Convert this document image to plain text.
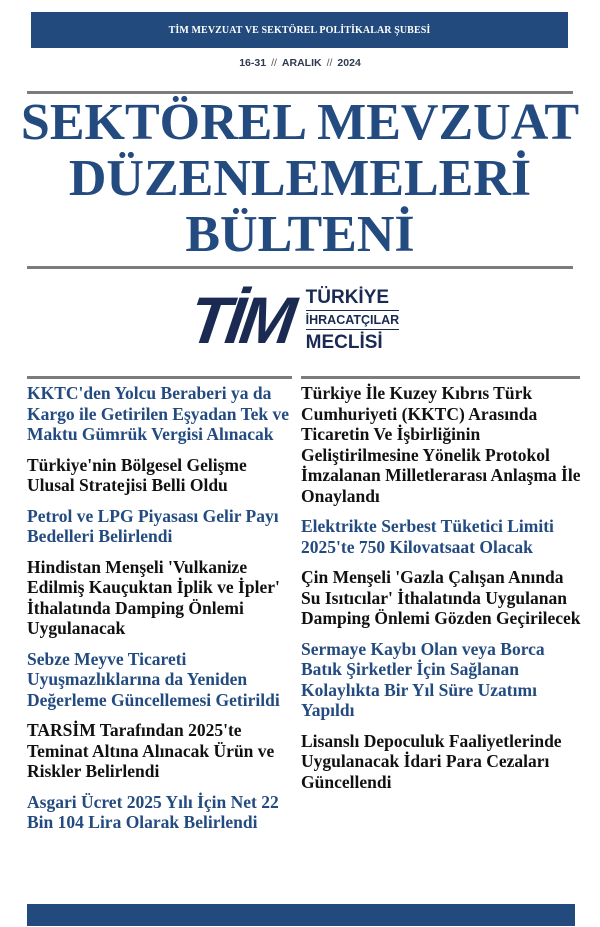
TİM MEVZUAT VE SEKTÖREL POLİTİKALAR ŞUBESİ
16-31 // ARALIK // 2024
SEKTÖREL MEVZUAT
DÜZENLEMELERİ
BÜLTENİ
TİM TÜRKİYE
İHRACATÇILAR
MECLİSİ

KKTC'den Yolcu Beraberi ya da Kargo ile Getirilen Eşyadan Tek ve Maktu Gümrük Vergisi Alınacak

Türkiye'nin Bölgesel Gelişme Ulusal Stratejisi Belli Oldu

Petrol ve LPG Piyasası Gelir Payı Bedelleri Belirlendi

Hindistan Menşeli 'Vulkanize Edilmiş Kauçuktan İplik ve İpler' İthalatında Damping Önlemi Uygulanacak

Sebze Meyve Ticareti Uyuşmazlıklarına da Yeniden Değerleme Güncellemesi Getirildi

TARSİM Tarafından 2025'te Teminat Altına Alınacak Ürün ve Riskler Belirlendi

Asgari Ücret 2025 Yılı İçin Net 22 Bin 104 Lira Olarak Belirlendi

Türkiye İle Kuzey Kıbrıs Türk Cumhuriyeti (KKTC) Arasında Ticaretin Ve İşbirliğinin Geliştirilmesine Yönelik Protokol İmzalanan Milletlerarası Anlaşma İle Onaylandı

Elektrikte Serbest Tüketici Limiti 2025'te 750 Kilovatsaat Olacak

Çin Menşeli 'Gazla Çalışan Anında Su Isıtıcılar' İthalatında Uygulanan Damping Önlemi Gözden Geçirilecek

Sermaye Kaybı Olan veya Borca Batık Şirketler İçin Sağlanan Kolaylıkta Bir Yıl Süre Uzatımı Yapıldı

Lisanslı Depoculuk Faaliyetlerinde Uygulanacak İdari Para Cezaları Güncellendi
